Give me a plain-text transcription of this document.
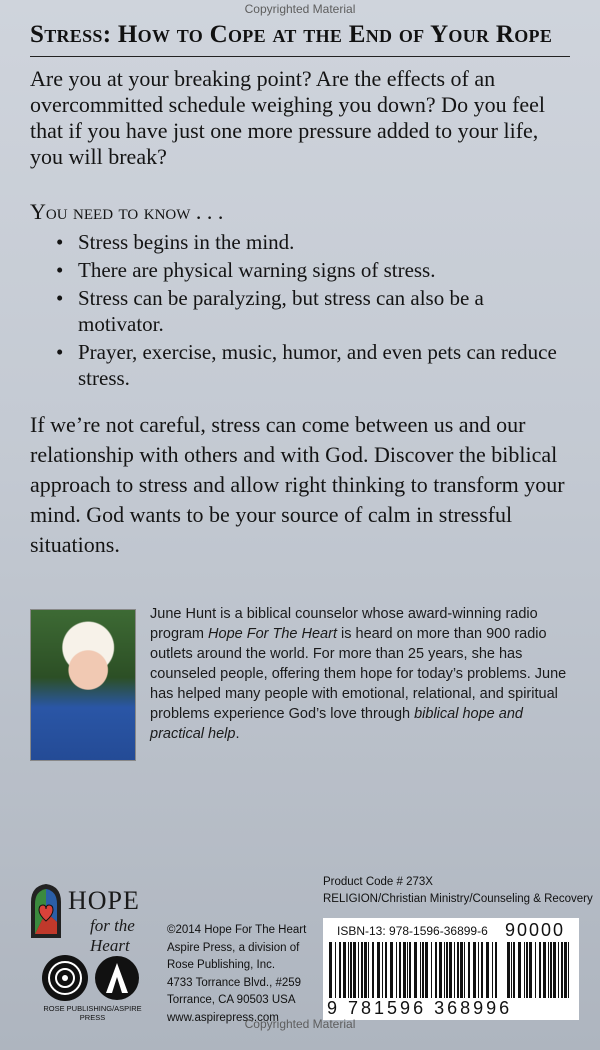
Copyrighted Material
Stress: How to Cope at the End of Your Rope

Are you at your breaking point? Are the effects of an overcommitted schedule weighing you down? Do you feel that if you have just one more pressure added to your life, you will break?

You need to know . . .

• Stress begins in the mind.
• There are physical warning signs of stress.
• Stress can be paralyzing, but stress can also be a motivator.
• Prayer, exercise, music, humor, and even pets can reduce stress.

If we’re not careful, stress can come between us and our relationship with others and with God. Discover the biblical approach to stress and allow right thinking to transform your mind. God wants to be your source of calm in stressful situations.

June Hunt is a biblical counselor whose award-winning radio program Hope For The Heart is heard on more than 900 radio outlets around the world. For more than 25 years, she has counseled people, offering them hope for today’s problems. June has helped many people with emotional, relational, and spiritual problems experience God’s love through biblical hope and practical help.

HOPE
for the Heart
ROSE PUBLISHING/ASPIRE PRESS

©2014 Hope For The Heart
Aspire Press, a division of
Rose Publishing, Inc.
4733 Torrance Blvd., #259
Torrance, CA 90503 USA
www.aspirepress.com

Product Code # 273X
RELIGION/Christian Ministry/Counseling & Recovery

ISBN-13: 978-1596-36899-6 90000
9 781596 368996
Copyrighted Material
